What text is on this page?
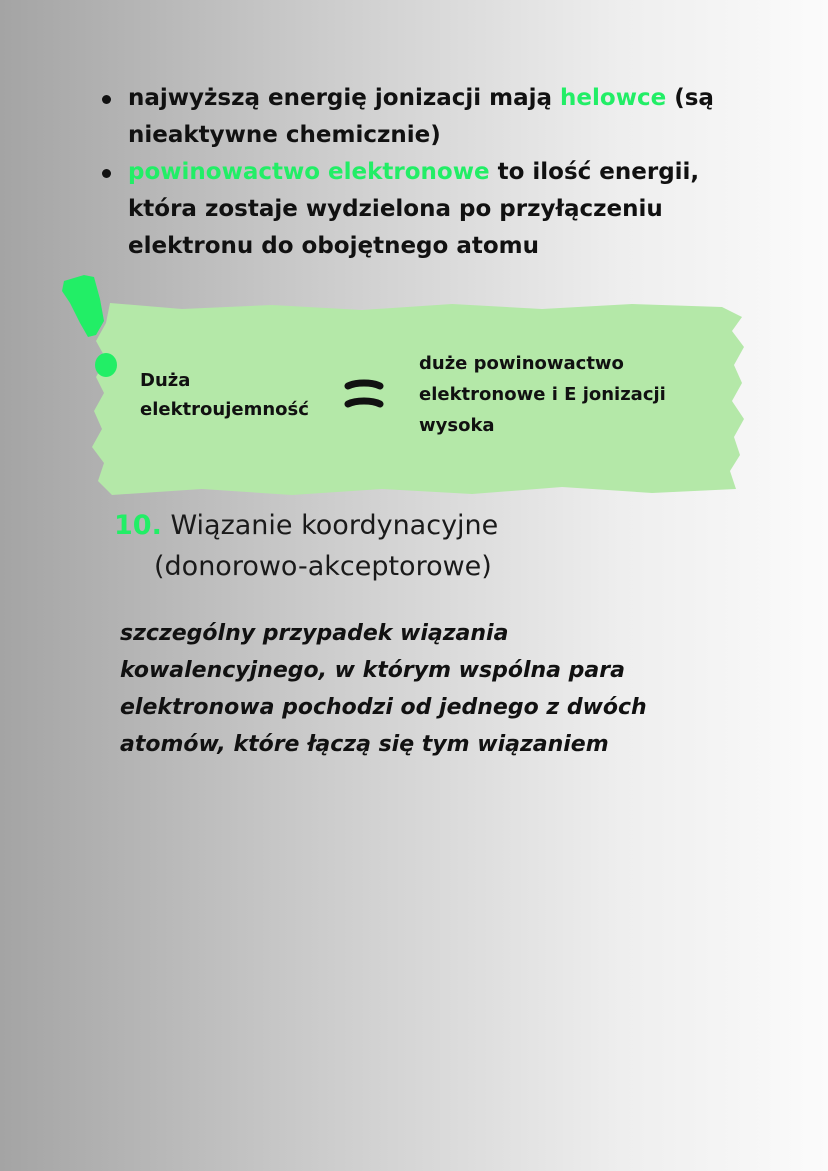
najwyższą energię jonizacji mają helowce (są nieaktywne chemicznie)
powinowactwo elektronowe to ilość energii, która zostaje wydzielona po przyłączeniu elektronu do obojętnego atomu
Duża
elektroujemność
duże powinowactwo
elektronowe i E jonizacji
wysoka
10. Wiązanie koordynacyjne
(donorowo-akceptorowe)
szczególny przypadek wiązania kowalencyjnego, w którym wspólna para elektronowa pochodzi od jednego z dwóch atomów, które łączą się tym wiązaniem
